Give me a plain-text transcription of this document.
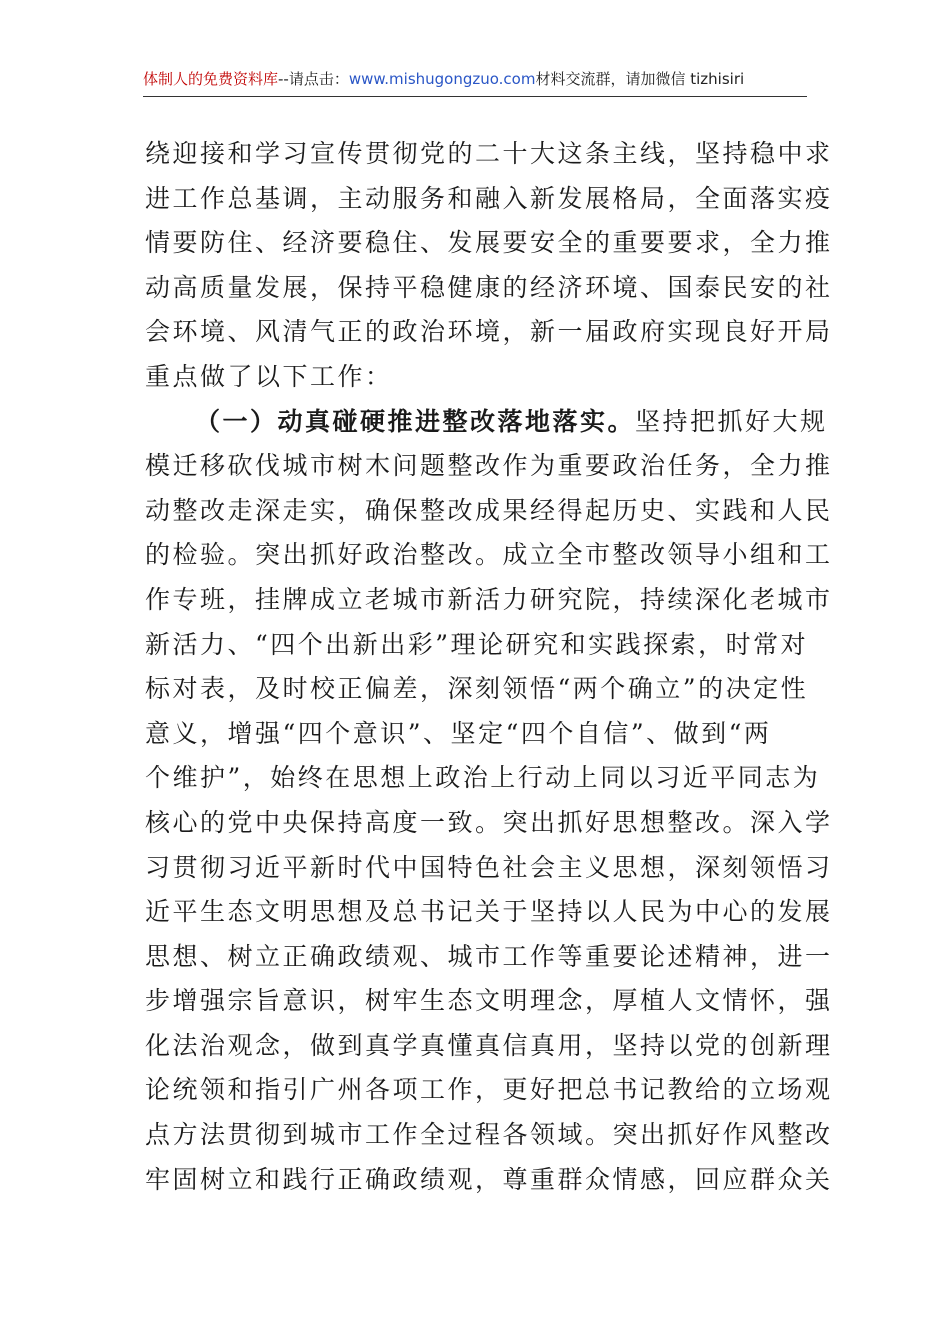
体制人的免费资料库--请点击：www.mishugongzuo.com材料交流群，请加微信 tizhisiri
绕迎接和学习宣传贯彻党的二十大这条主线，坚持稳中求
进工作总基调，主动服务和融入新发展格局，全面落实疫
情要防住、经济要稳住、发展要安全的重要要求，全力推
动高质量发展，保持平稳健康的经济环境、国泰民安的社
会环境、风清气正的政治环境，新一届政府实现良好开局
重点做了以下工作：
（一）动真碰硬推进整改落地落实。坚持把抓好大规
模迁移砍伐城市树木问题整改作为重要政治任务，全力推
动整改走深走实，确保整改成果经得起历史、实践和人民
的检验。突出抓好政治整改。成立全市整改领导小组和工
作专班，挂牌成立老城市新活力研究院，持续深化老城市
新活力、“四个出新出彩”理论研究和实践探索，时常对
标对表，及时校正偏差，深刻领悟“两个确立”的决定性
意义，增强“四个意识”、坚定“四个自信”、做到“两
个维护”，始终在思想上政治上行动上同以习近平同志为
核心的党中央保持高度一致。突出抓好思想整改。深入学
习贯彻习近平新时代中国特色社会主义思想，深刻领悟习
近平生态文明思想及总书记关于坚持以人民为中心的发展
思想、树立正确政绩观、城市工作等重要论述精神，进一
步增强宗旨意识，树牢生态文明理念，厚植人文情怀，强
化法治观念，做到真学真懂真信真用，坚持以党的创新理
论统领和指引广州各项工作，更好把总书记教给的立场观
点方法贯彻到城市工作全过程各领域。突出抓好作风整改
牢固树立和践行正确政绩观，尊重群众情感，回应群众关
